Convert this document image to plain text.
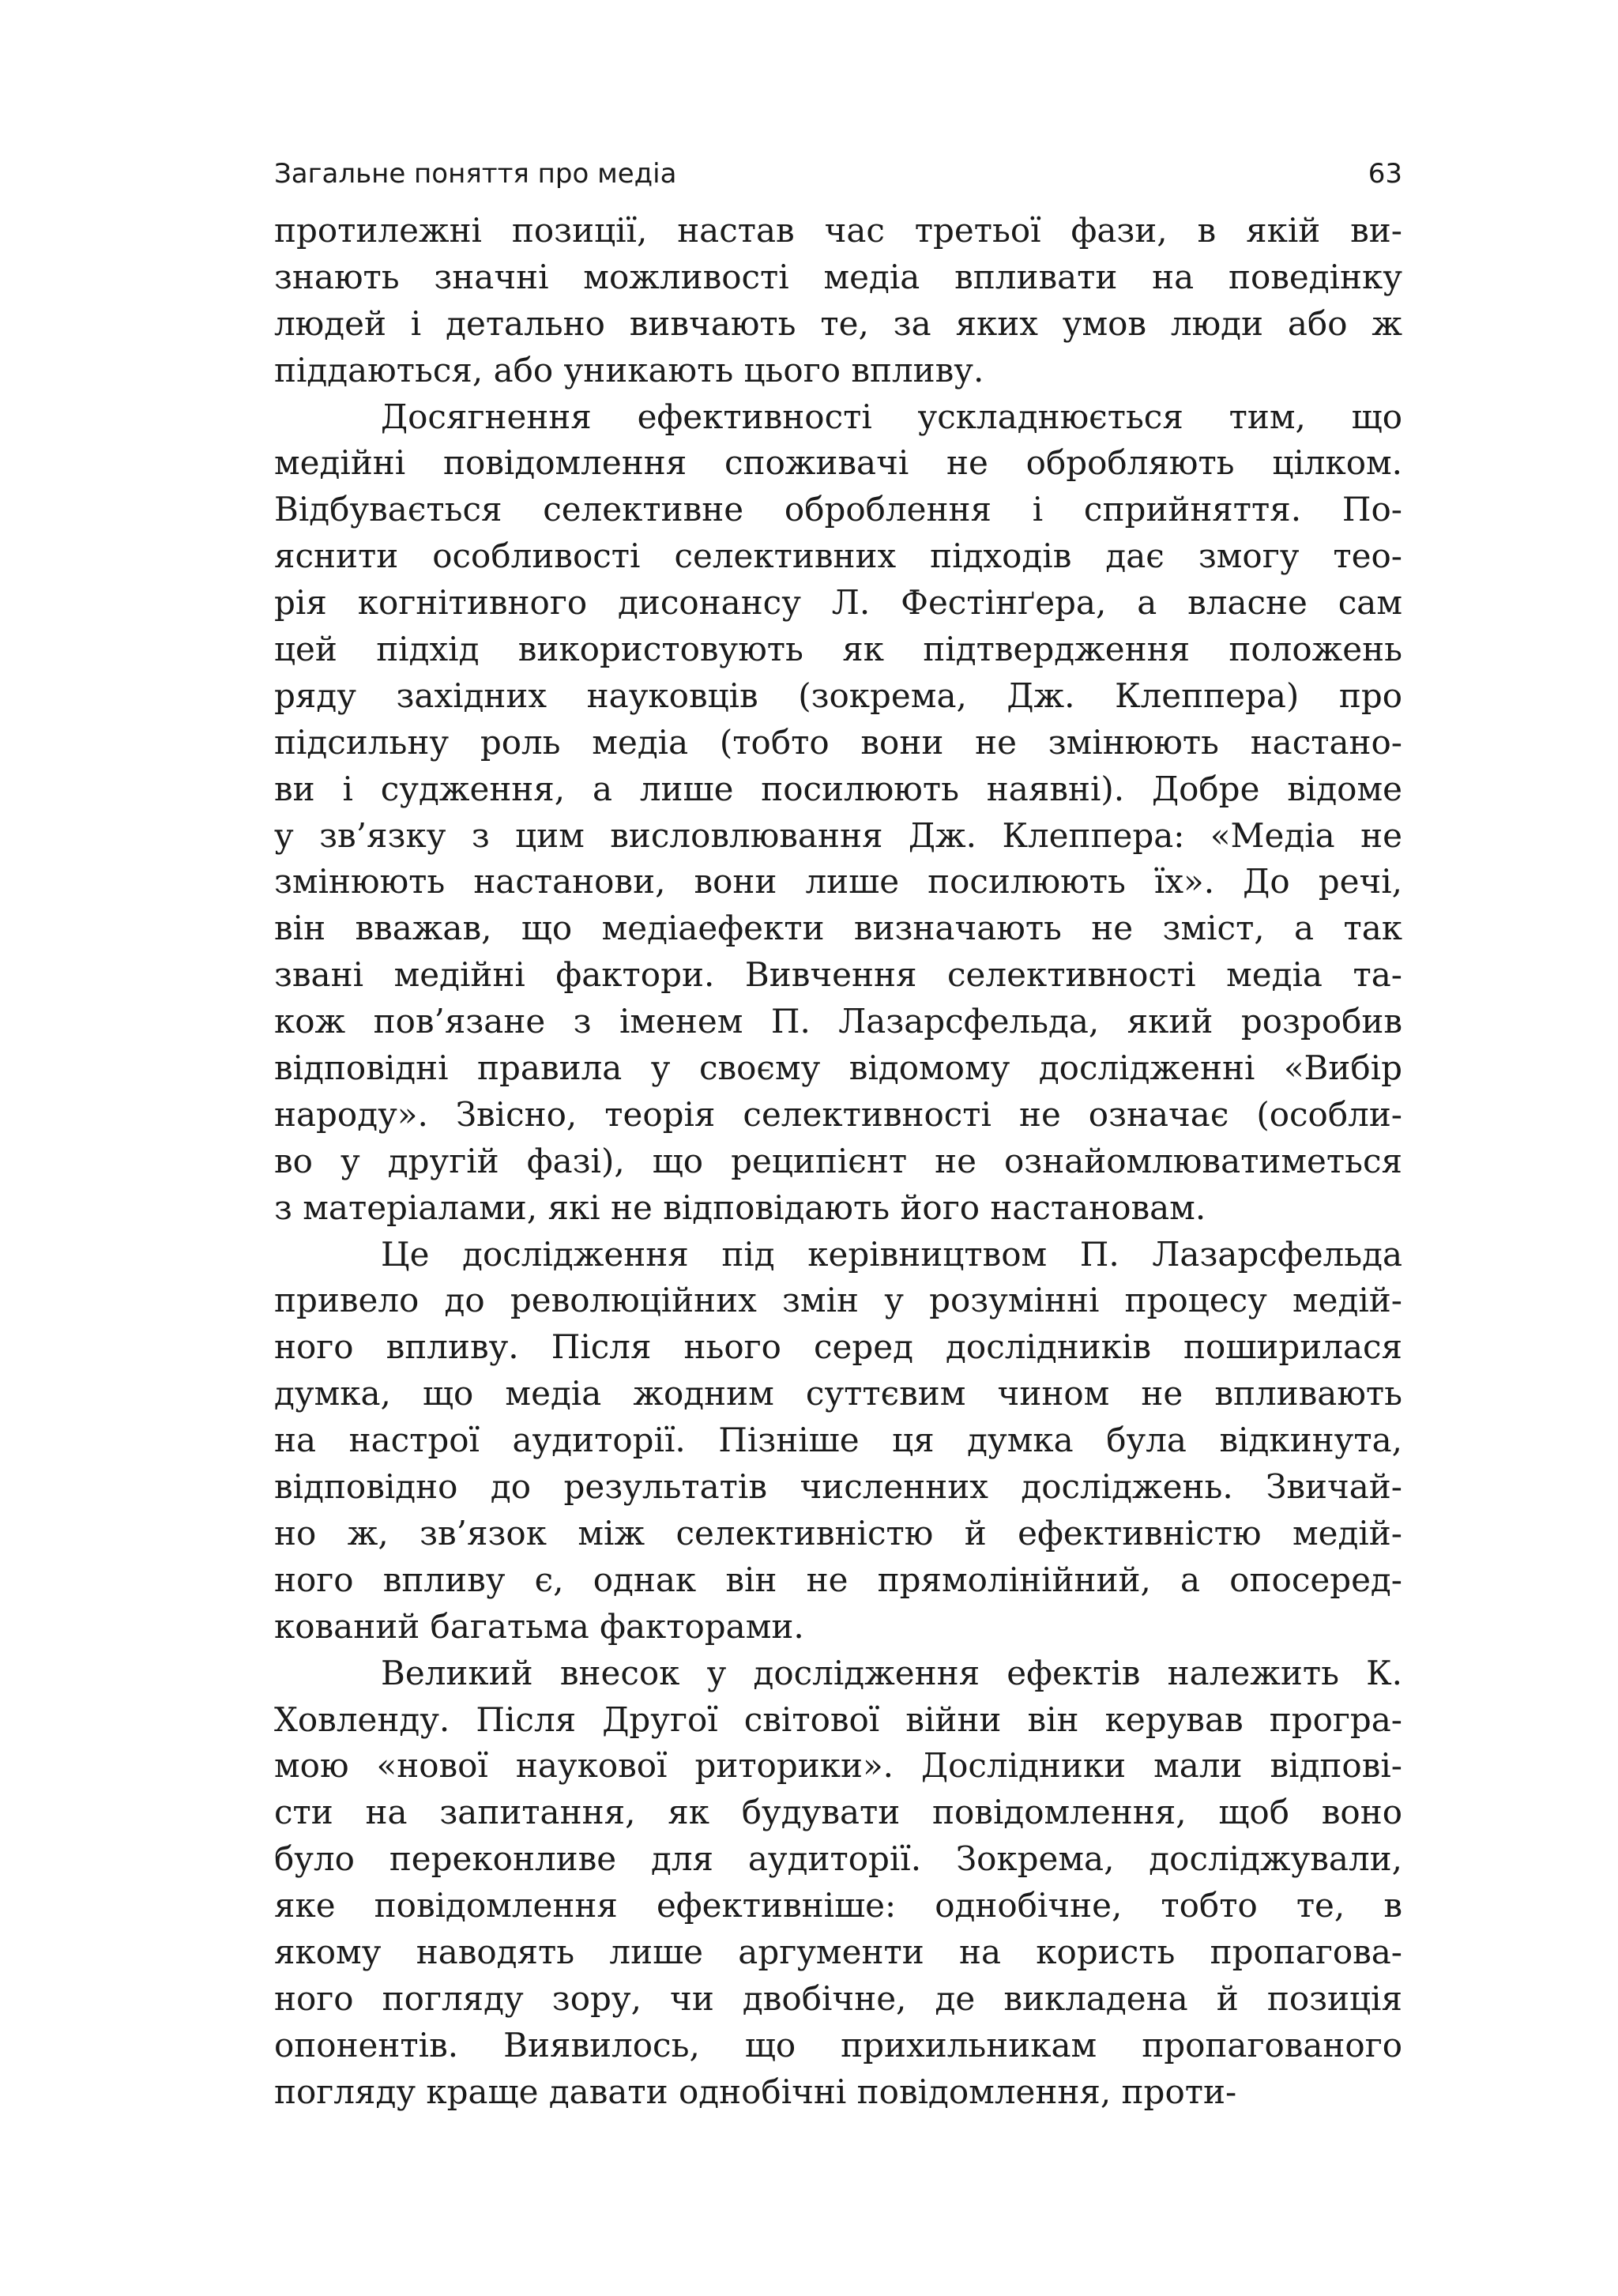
Загальне поняття про медіа	63
протилежні позиції, настав час третьої фази, в якій ви-
знають значні можливості медіа впливати на поведінку
людей і детально вивчають те, за яких умов люди або ж
піддаються, або уникають цього впливу.
Досягнення ефективності ускладнюється тим, що
медійні повідомлення споживачі не обробляють цілком.
Відбувається селективне оброблення і сприйняття. По-
яснити особливості селективних підходів дає змогу тео-
рія когнітивного дисонансу Л. Фестінґера, а власне сам
цей підхід використовують як підтвердження положень
ряду західних науковців (зокрема, Дж. Клеппера) про
підсильну роль медіа (тобто вони не змінюють настано-
ви і судження, а лише посилюють наявні). Добре відоме
у зв’язку з цим висловлювання Дж. Клеппера: «Медіа не
змінюють настанови, вони лише посилюють їх». До речі,
він вважав, що медіаефекти визначають не зміст, а так
звані медійні фактори. Вивчення селективності медіа та-
кож пов’язане з іменем П. Лазарсфельда, який розробив
відповідні правила у своєму відомому дослідженні «Вибір
народу». Звісно, теорія селективності не означає (особли-
во у другій фазі), що реципієнт не ознайомлюватиметься
з матеріалами, які не відповідають його настановам.
Це дослідження під керівництвом П. Лазарсфельда
привело до революційних змін у розумінні процесу медій-
ного впливу. Після нього серед дослідників поширилася
думка, що медіа жодним суттєвим чином не впливають
на настрої аудиторії. Пізніше ця думка була відкинута,
відповідно до результатів численних досліджень. Звичай-
но ж, зв’язок між селективністю й ефективністю медій-
ного впливу є, однак він не прямолінійний, а опосеред-
кований багатьма факторами.
Великий внесок у дослідження ефектів належить К.
Ховленду. Після Другої світової війни він керував програ-
мою «нової наукової риторики». Дослідники мали відпові-
сти на запитання, як будувати повідомлення, щоб воно
було переконливе для аудиторії. Зокрема, досліджували,
яке повідомлення ефективніше: однобічне, тобто те, в
якому наводять лише аргументи на користь пропагова-
ного погляду зору, чи двобічне, де викладена й позиція
опонентів. Виявилось, що прихильникам пропагованого
погляду краще давати однобічні повідомлення, проти-
